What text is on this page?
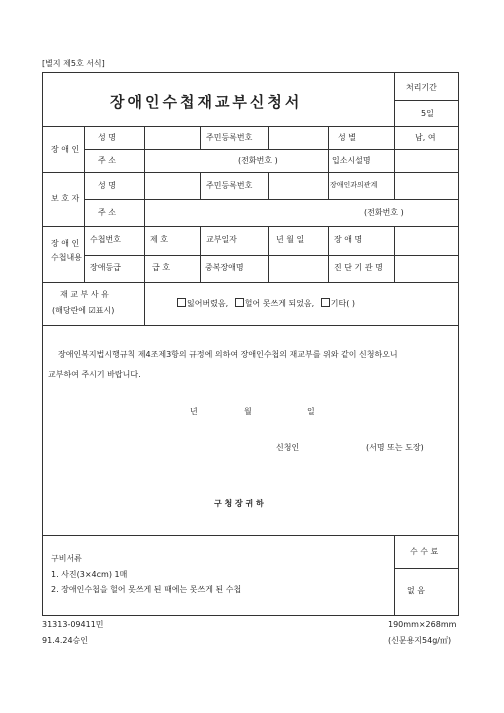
[별지 제5호 서식]
장애인수첩재교부신청서
처리기간
5일
장 애 인
성 명	주민등록번호	성 별	남, 여
주 소	(전화번호 )	입소시설명
보 호 자
성 명	주민등록번호	장애인과의관계
주 소	(전화번호 )
장 애 인
수첩내용
수첩번호	제 호	교부일자	년 월 일	장 애 명
장애등급	급 호	중복장애명	진 단 기 관 명
재 교 부 사 유
(해당란에 ☑표시)
잃어버렸음, 헐어 못쓰게 되었음, 기타( )
장애인복지법시행규칙 제4조제3항의 규정에 의하여 장애인수첩의 재교부를 위와 같이 신청하오니
교부하여 주시기 바랍니다.
년	월	일
신청인	(서명 또는 도장)
구 청 장 귀 하
구비서류
1. 사진(3×4cm) 1매
2. 장애인수첩을 헐어 못쓰게 된 때에는 못쓰게 된 수첩
수 수 료
없 음
31313-09411민
91.4.24승인
190mm×268mm
(신문용지54g/㎡)
